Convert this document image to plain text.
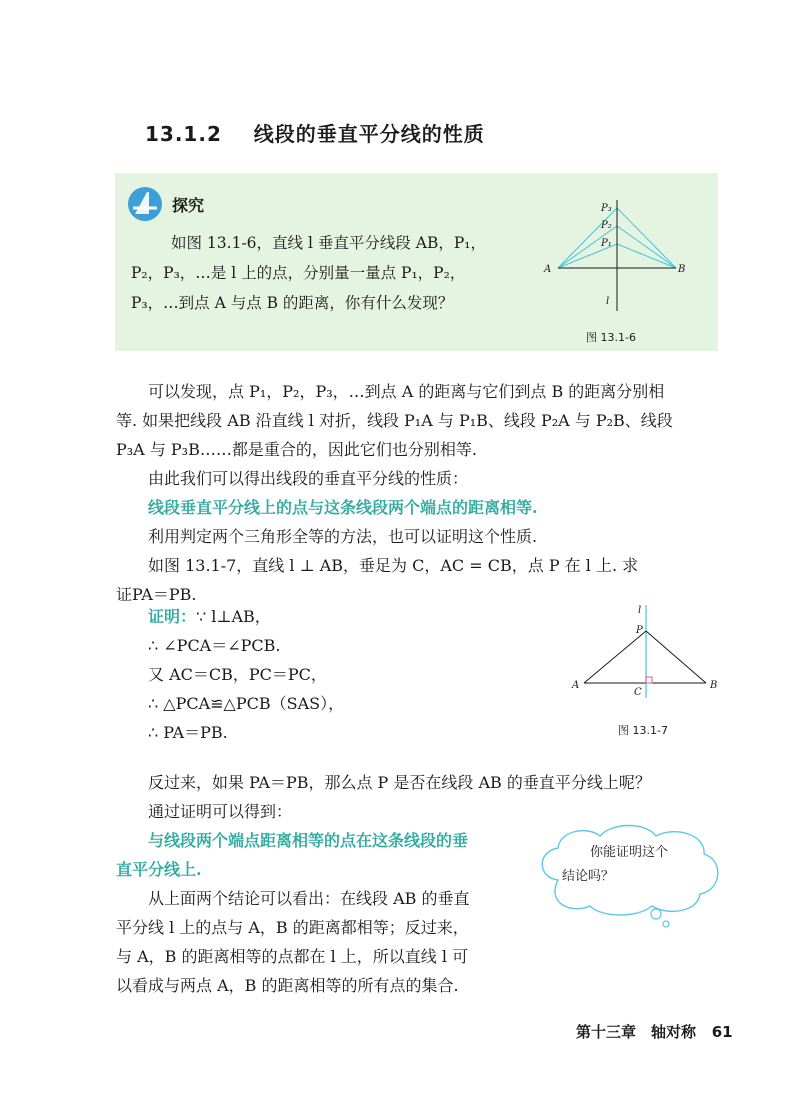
13.1.2 线段的垂直平分线的性质
探究
如图 13.1-6，直线 l 垂直平分线段 AB，P₁，
P₂，P₃，…是 l 上的点，分别量一量点 P₁，P₂，
P₃，…到点 A 与点 B 的距离，你有什么发现？
P₃
P₂
P₁
A	B
l
图 13.1-6
可以发现，点 P₁，P₂，P₃，…到点 A 的距离与它们到点 B 的距离分别相
等. 如果把线段 AB 沿直线 l 对折，线段 P₁A 与 P₁B、线段 P₂A 与 P₂B、线段
P₃A 与 P₃B……都是重合的，因此它们也分别相等.
由此我们可以得出线段的垂直平分线的性质：
线段垂直平分线上的点与这条线段两个端点的距离相等.
利用判定两个三角形全等的方法，也可以证明这个性质.
如图 13.1-7，直线 l ⊥ AB，垂足为 C，AC = CB，点 P 在 l 上. 求
证PA＝PB.
证明：∵ l⊥AB，
∴ ∠PCA＝∠PCB.
又 AC＝CB，PC＝PC，
∴ △PCA≌△PCB（SAS），
∴ PA＝PB.
l
P
A
C
B
图 13.1-7
反过来，如果 PA＝PB，那么点 P 是否在线段 AB 的垂直平分线上呢？
通过证明可以得到：
与线段两个端点距离相等的点在这条线段的垂
直平分线上.
从上面两个结论可以看出：在线段 AB 的垂直
平分线 l 上的点与 A，B 的距离都相等；反过来，
与 A，B 的距离相等的点都在 l 上，所以直线 l 可
以看成与两点 A，B 的距离相等的所有点的集合.
你能证明这个
结论吗？
第十三章　轴对称 61
